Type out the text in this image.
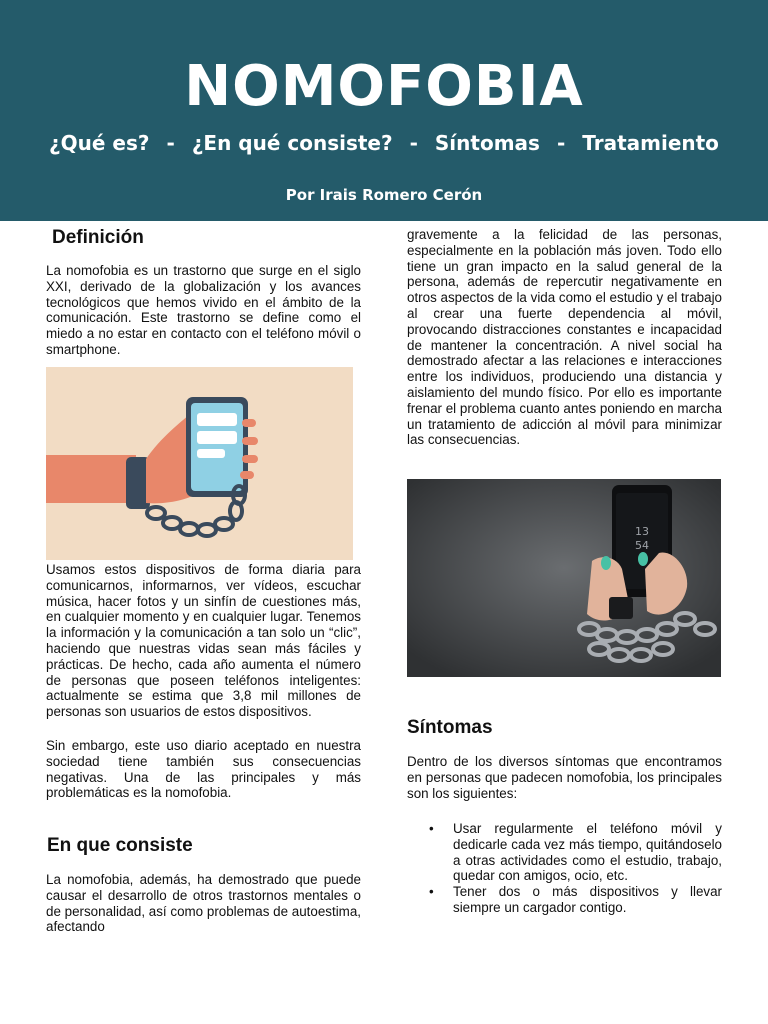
NOMOFOBIA
¿Qué es? - ¿En qué consiste? - Síntomas - Tratamiento
Por Irais Romero Cerón
Definición

La nomofobia es un trastorno que surge en el siglo XXI, derivado de la globalización y los avances tecnológicos que hemos vivido en el ámbito de la comunicación. Este trastorno se define como el miedo a no estar en contacto con el teléfono móvil o smartphone.

Usamos estos dispositivos de forma diaria para comunicarnos, informarnos, ver vídeos, escuchar música, hacer fotos y un sinfín de cuestiones más, en cualquier momento y en cualquier lugar. Tenemos la información y la comunicación a tan solo un “clic”, haciendo que nuestras vidas sean más fáciles y prácticas. De hecho, cada año aumenta el número de personas que poseen teléfonos inteligentes: actualmente se estima que 3,8 mil millones de personas son usuarios de estos dispositivos.

Sin embargo, este uso diario aceptado en nuestra sociedad tiene también sus consecuencias negativas. Una de las principales y más problemáticas es la nomofobia.

En que consiste

La nomofobia, además, ha demostrado que puede causar el desarrollo de otros trastornos mentales o de personalidad, así como problemas de autoestima, afectando

gravemente a la felicidad de las personas, especialmente en la población más joven. Todo ello tiene un gran impacto en la salud general de la persona, además de repercutir negativamente en otros aspectos de la vida como el estudio y el trabajo al crear una fuerte dependencia al móvil, provocando distracciones constantes e incapacidad de mantener la concentración. A nivel social ha demostrado afectar a las relaciones e interacciones entre los individuos, produciendo una distancia y aislamiento del mundo físico. Por ello es importante frenar el problema cuanto antes poniendo en marcha un tratamiento de adicción al móvil para minimizar las consecuencias.

13
54
Síntomas

Dentro de los diversos síntomas que encontramos en personas que padecen nomofobia, los principales son los siguientes:

• Usar regularmente el teléfono móvil y dedicarle cada vez más tiempo, quitándoselo a otras actividades como el estudio, trabajo, quedar con amigos, ocio, etc.
• Tener dos o más dispositivos y llevar siempre un cargador contigo.
